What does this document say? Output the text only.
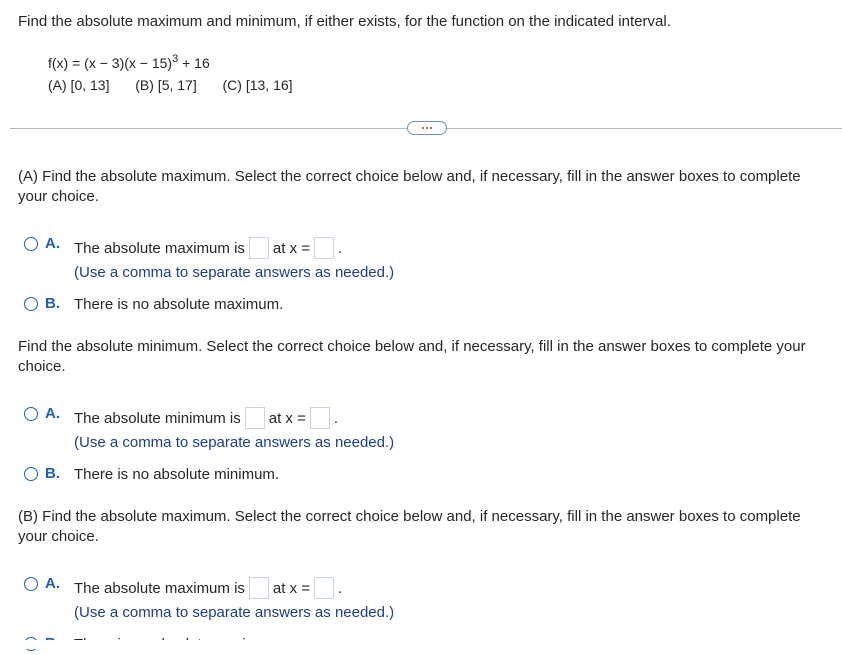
Find the absolute maximum and minimum, if either exists, for the function on the indicated interval.
$f(x) = (x - 3)(x - 15)^3 + 16$
(A) [0, 13] (B) [5, 17] (C) [13, 16]
(A) Find the absolute maximum. Select the correct choice below and, if necessary, fill in the answer boxes to complete your choice.
A. The absolute maximum is at x = .
(Use a comma to separate answers as needed.)
B. There is no absolute maximum.
Find the absolute minimum. Select the correct choice below and, if necessary, fill in the answer boxes to complete your choice.
A. The absolute minimum is at x = .
(Use a comma to separate answers as needed.)
B. There is no absolute minimum.
(B) Find the absolute maximum. Select the correct choice below and, if necessary, fill in the answer boxes to complete your choice.
A. The absolute maximum is at x = .
(Use a comma to separate answers as needed.)
